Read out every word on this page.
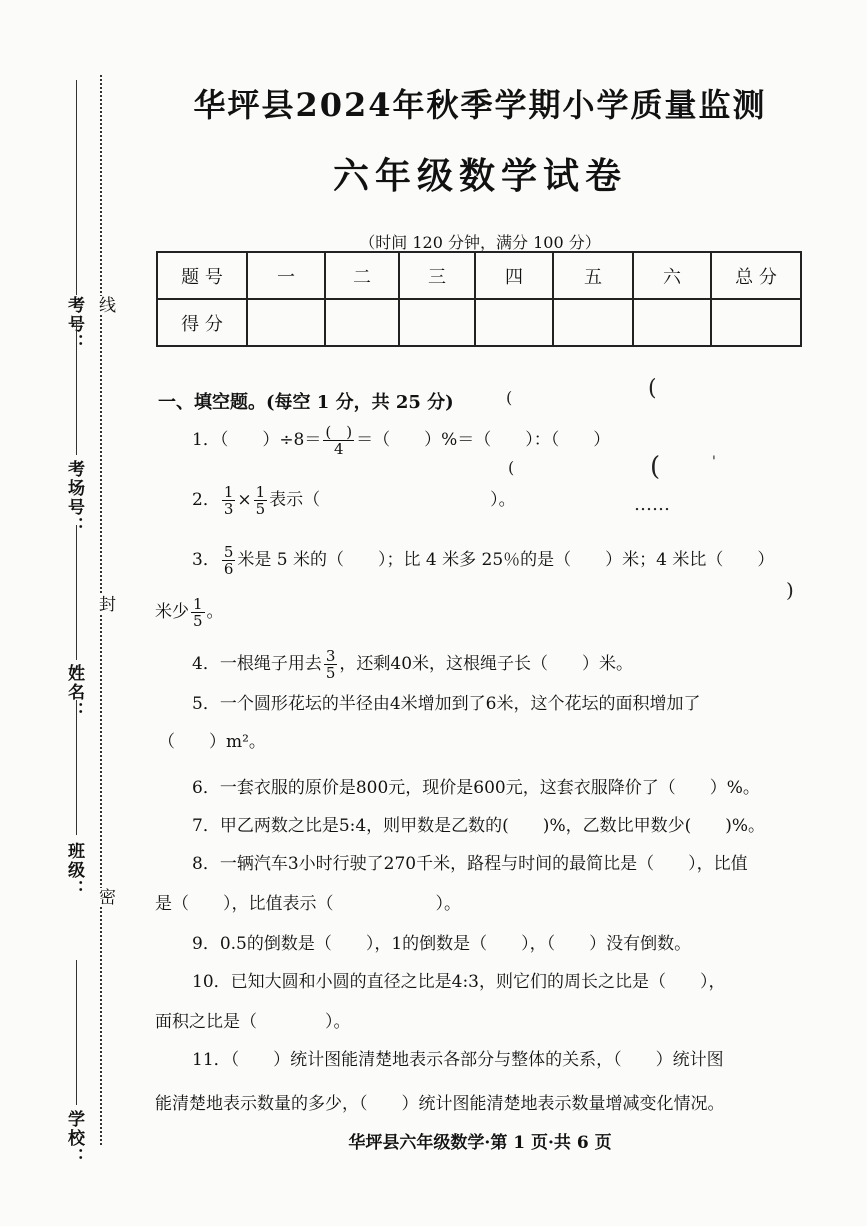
考号：
考场号：
姓名：
班级：
学校：
线
封
密
华坪县2024年秋季学期小学质量监测
六年级数学试卷
（时间 120 分钟，满分 100 分）
题 号	一	二	三	四	五	六	总 分
得 分							
一、填空题。(每空 1 分，共 25 分)	(	(
(	(	'
……
)
1．（　　）$\div 8= \frac{( )}{4}$ ＝（　　）%＝（　　）：（　　）
2． $\frac{1}{3} \times \frac{1}{5}$ 表示（　　　　　　　　　　）。
3． $\frac{5}{6}$ 米是 5 米的（　　）；比 4 米多 25％的是（　　）米；4 米比（　　）
米少 $\frac{1}{5}$ 。
4．一根绳子用去 $\frac{3}{5}$ ，还剩40米，这根绳子长（　　）米。
5．一个圆形花坛的半径由4米增加到了6米，这个花坛的面积增加了
（　　）m²。
6．一套衣服的原价是800元，现价是600元，这套衣服降价了（　　）%。
7．甲乙两数之比是5:4，则甲数是乙数的(　　)%，乙数比甲数少(　　)%。
8．一辆汽车3小时行驶了270千米，路程与时间的最简比是（　　），比值
是（　　），比值表示（　　　　　　）。
9．0.5的倒数是（　　），1的倒数是（　　），（　　）没有倒数。
10．已知大圆和小圆的直径之比是4:3，则它们的周长之比是（　　），
面积之比是（　　　　）。
11．（　　）统计图能清楚地表示各部分与整体的关系，（　　）统计图
能清楚地表示数量的多少，（　　）统计图能清楚地表示数量增减变化情况。
华坪县六年级数学·第 1 页·共 6 页
